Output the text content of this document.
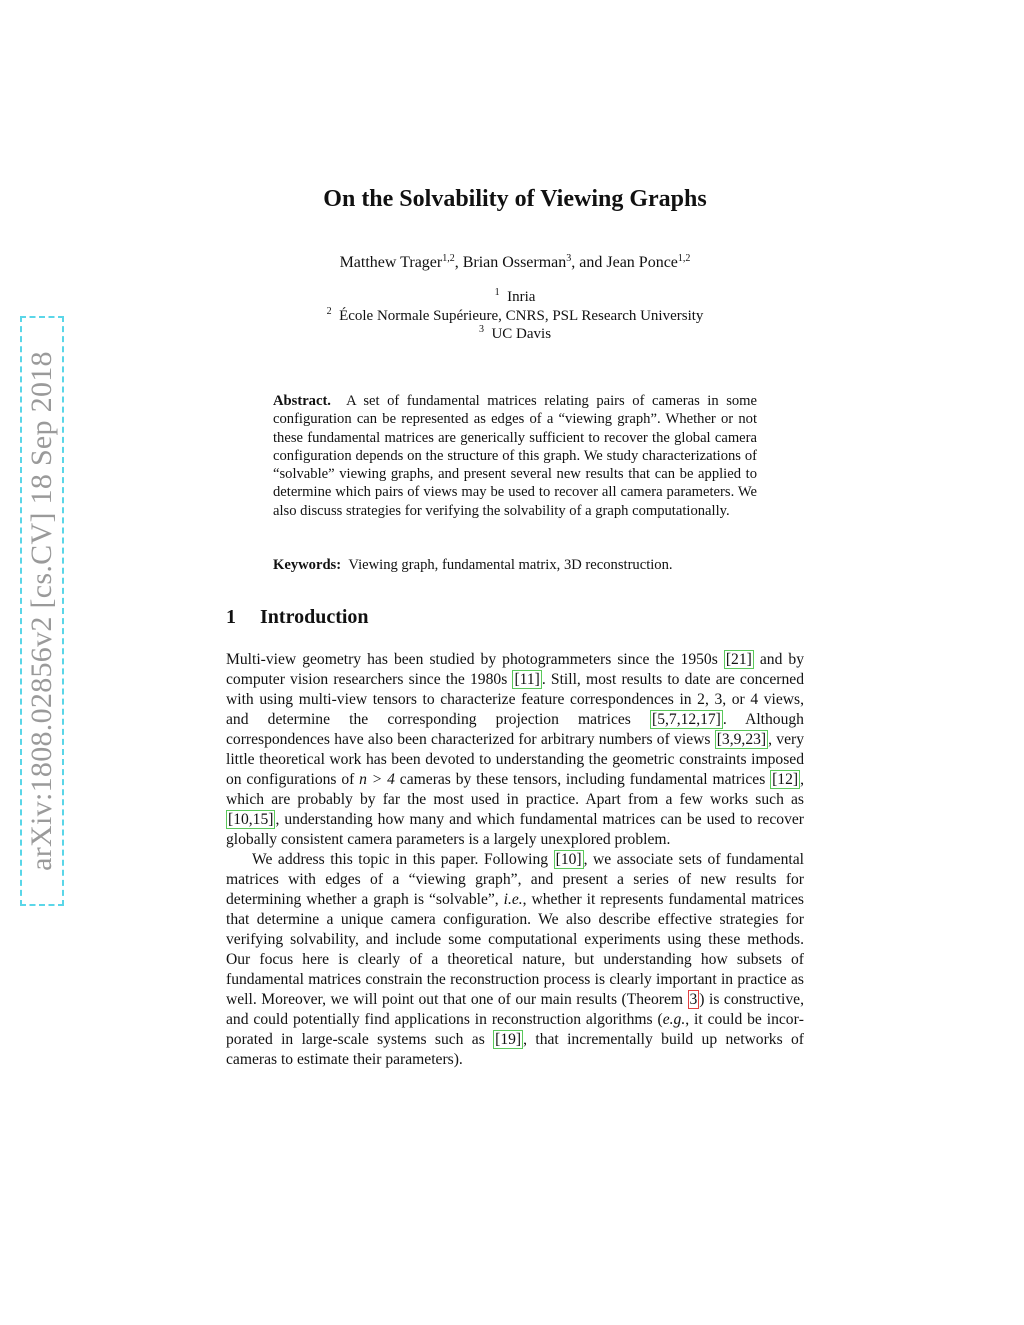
arXiv:1808.02856v2 [cs.CV] 18 Sep 2018
On the Solvability of Viewing Graphs
Matthew Trager$^{1,2}$, Brian Osserman$^3$, and Jean Ponce$^{1,2}$
$^1$ Inria
$^2$ École Normale Supérieure, CNRS, PSL Research University
$^3$ UC Davis
Abstract. A set of fundamental matrices relating pairs of cameras in some configuration can be represented as edges of a “viewing graph”. Whether or not these fundamental matrices are generically sufficient to recover the global camera configuration depends on the structure of this graph. We study characterizations of “solvable” viewing graphs, and present several new results that can be applied to determine which pairs of views may be used to recover all camera parameters. We also discuss strategies for verifying the solvability of a graph computationally.
Keywords: Viewing graph, fundamental matrix, 3D reconstruction.
1 Introduction

Multi-view geometry has been studied by photogrammeters since the 1950s [21] and by computer vision researchers since the 1980s [11] . Still, most results to date are concerned with using multi-view tensors to characterize feature correspondences in 2, 3, or 4 views, and determine the corresponding projection matrices [5,7,12,17] . Although correspondences have also been characterized for arbitrary numbers of views [3,9,23] , very little theoretical work has been devoted to understanding the geometric constraints imposed on configurations of n > 4 cameras by these tensors, including fundamental matrices [12] , which are probably by far the most used in practice. Apart from a few works such as [10,15] , understanding how many and which fundamental matrices can be used to recover globally consistent camera parameters is a largely unexplored problem.

We address this topic in this paper. Following [10] , we associate sets of fundamental matrices with edges of a “viewing graph”, and present a series of new results for determining whether a graph is “solvable”, i.e., whether it represents fundamental matrices that determine a unique camera configuration. We also describe effective strategies for verifying solvability, and include some computational experiments using these methods. Our focus here is clearly of a theoretical nature, but understanding how subsets of fundamental matrices constrain the reconstruction process is clearly important in practice as well. Moreover, we will point out that one of our main results (Theorem 3 ) is constructive, and could potentially find applications in reconstruction algorithms (e.g., it could be incorporated in large-scale systems such as [19] , that incrementally build up networks of cameras to estimate their parameters).
